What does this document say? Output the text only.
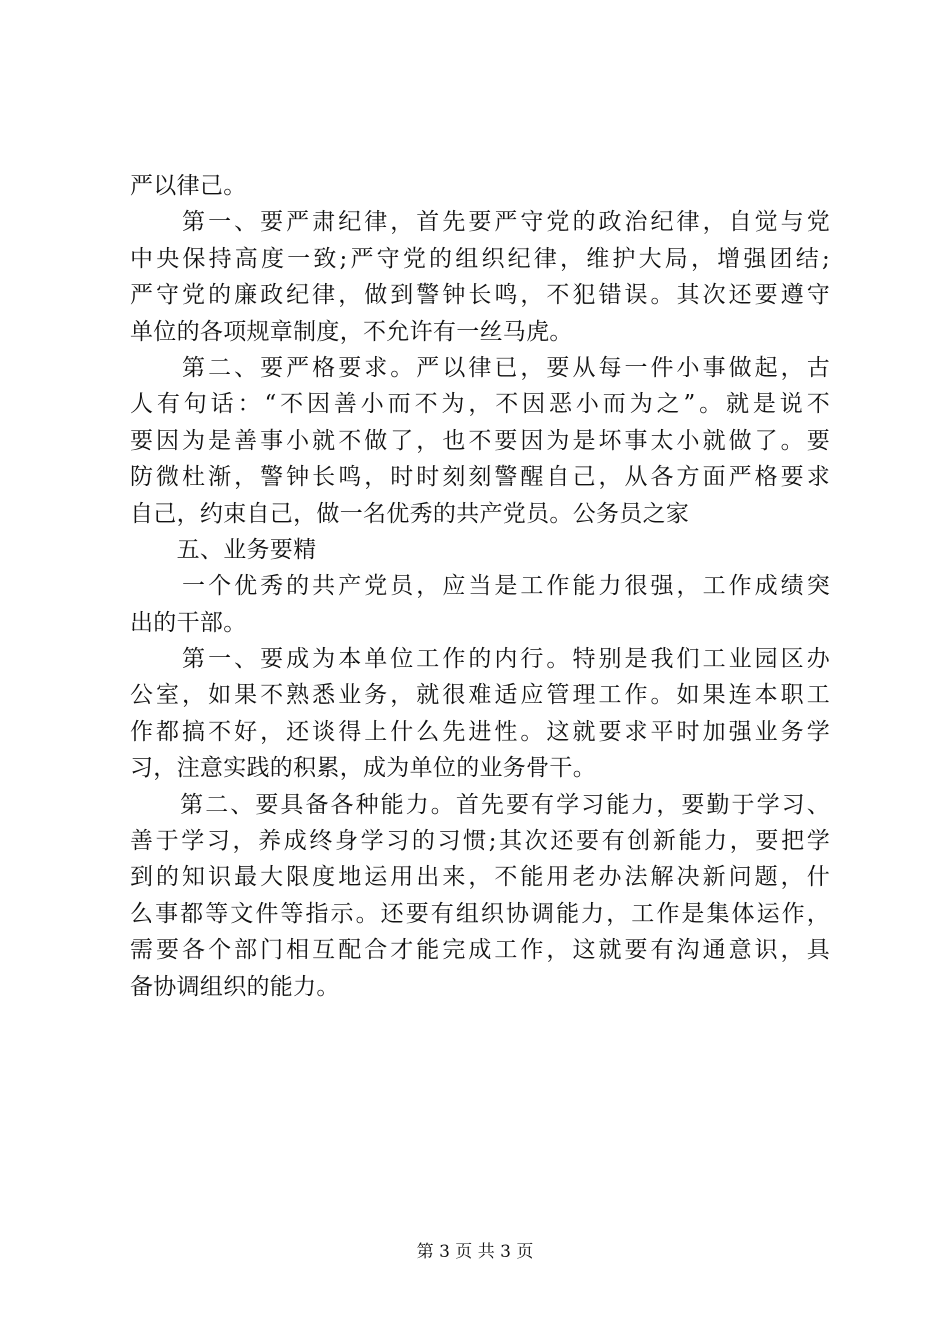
严以律己。
　　第一、要严肃纪律，首先要严守党的政治纪律，自觉与党
中央保持高度一致;严守党的组织纪律，维护大局，增强团结;
严守党的廉政纪律，做到警钟长鸣，不犯错误。其次还要遵守
单位的各项规章制度，不允许有一丝马虎。
　　第二、要严格要求。严以律已，要从每一件小事做起，古
人有句话：“不因善小而不为，不因恶小而为之”。就是说不
要因为是善事小就不做了，也不要因为是坏事太小就做了。要
防微杜渐，警钟长鸣，时时刻刻警醒自己，从各方面严格要求
自己，约束自己，做一名优秀的共产党员。公务员之家
　　五、业务要精
　　一个优秀的共产党员，应当是工作能力很强，工作成绩突
出的干部。
　　第一、要成为本单位工作的内行。特别是我们工业园区办
公室，如果不熟悉业务，就很难适应管理工作。如果连本职工
作都搞不好，还谈得上什么先进性。这就要求平时加强业务学
习，注意实践的积累，成为单位的业务骨干。
　　第二、要具备各种能力。首先要有学习能力，要勤于学习、
善于学习，养成终身学习的习惯;其次还要有创新能力，要把学
到的知识最大限度地运用出来，不能用老办法解决新问题，什
么事都等文件等指示。还要有组织协调能力，工作是集体运作，
需要各个部门相互配合才能完成工作，这就要有沟通意识，具
备协调组织的能力。
第 3 页 共 3 页
